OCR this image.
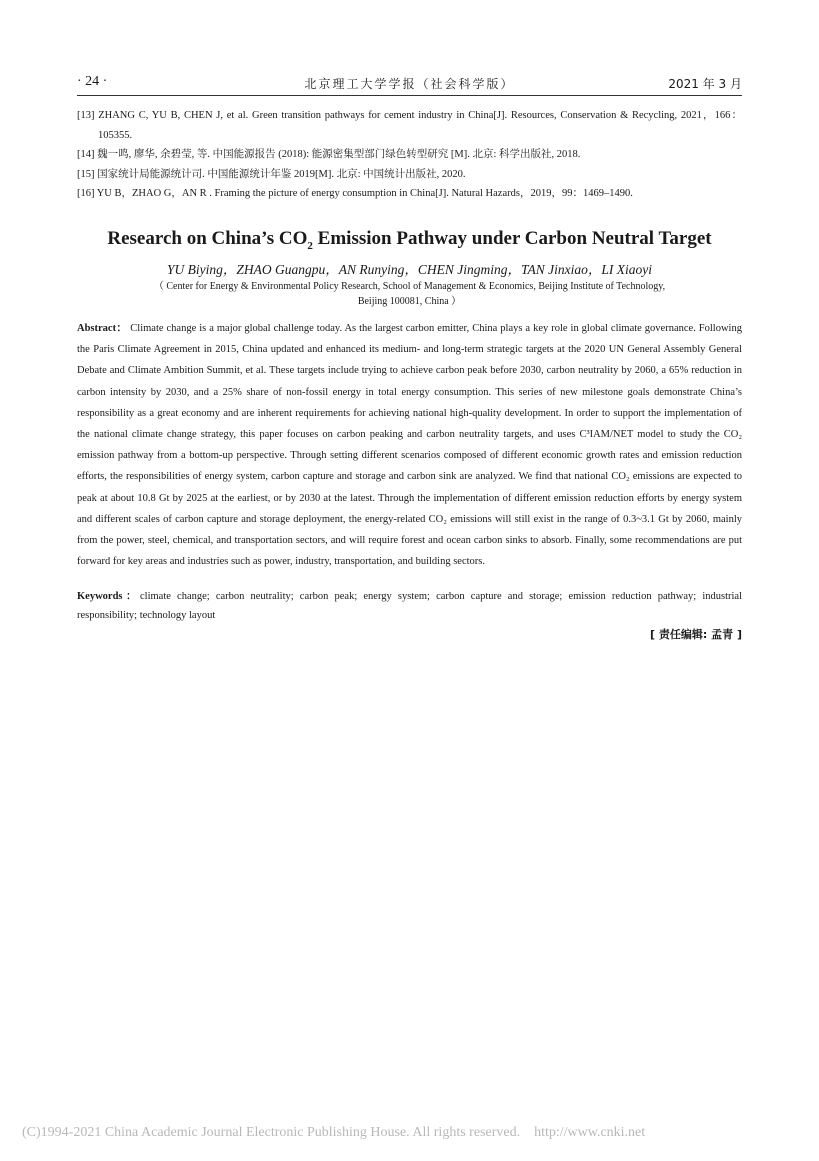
· 24 ·	北京理工大学学报（社会科学版）	2021 年 3 月

[13] ZHANG C, YU B, CHEN J, et al. Green transition pathways for cement industry in China[J]. Resources, Conservation & Recycling, 2021，166：105355.

[14] 魏一鸣, 廖华, 余碧莹, 等. 中国能源报告 (2018): 能源密集型部门绿色转型研究 [M]. 北京: 科学出版社, 2018.

[15] 国家统计局能源统计司. 中国能源统计年鉴 2019[M]. 北京: 中国统计出版社, 2020.

[16] YU B，ZHAO G，AN R . Framing the picture of energy consumption in China[J]. Natural Hazards，2019，99：1469–1490.

Research on China’s $CO_2$ Emission Pathway under Carbon Neutral Target
YU Biying，ZHAO Guangpu，AN Runying，CHEN Jingming，TAN Jinxiao，LI Xiaoyi
（ Center for Energy & Environmental Policy Research, School of Management & Economics, Beijing Institute of Technology,
Beijing 100081, China ）
Abstract： Climate change is a major global challenge today. As the largest carbon emitter, China plays a key role in global climate governance. Following the Paris Climate Agreement in 2015, China updated and enhanced its medium- and long-term strategic targets at the 2020 UN General Assembly General Debate and Climate Ambition Summit, et al. These targets include trying to achieve carbon peak before 2030, carbon neutrality by 2060, a 65% reduction in carbon intensity by 2030, and a 25% share of non-fossil energy in total energy consumption. This series of new milestone goals demonstrate China’s responsibility as a great economy and are inherent requirements for achieving national high-quality development. In order to support the implementation of the national climate change strategy, this paper focuses on carbon peaking and carbon neutrality targets, and uses C³IAM/NET model to study the CO₂ emission pathway from a bottom-up perspective. Through setting different scenarios composed of different economic growth rates and emission reduction efforts, the responsibilities of energy system, carbon capture and storage and carbon sink are analyzed. We find that national CO₂ emissions are expected to peak at about 10.8 Gt by 2025 at the earliest, or by 2030 at the latest. Through the implementation of different emission reduction efforts by energy system and different scales of carbon capture and storage deployment, the energy-related CO₂ emissions will still exist in the range of 0.3~3.1 Gt by 2060, mainly from the power, steel, chemical, and transportation sectors, and will require forest and ocean carbon sinks to absorb. Finally, some recommendations are put forward for key areas and industries such as power, industry, transportation, and building sectors.
Keywords：climate change; carbon neutrality; carbon peak; energy system; carbon capture and storage; emission reduction pathway; industrial responsibility; technology layout
[ 责任编辑: 孟青 ]
(C)1994-2021 China Academic Journal Electronic Publishing House. All rights reserved. http://www.cnki.net
